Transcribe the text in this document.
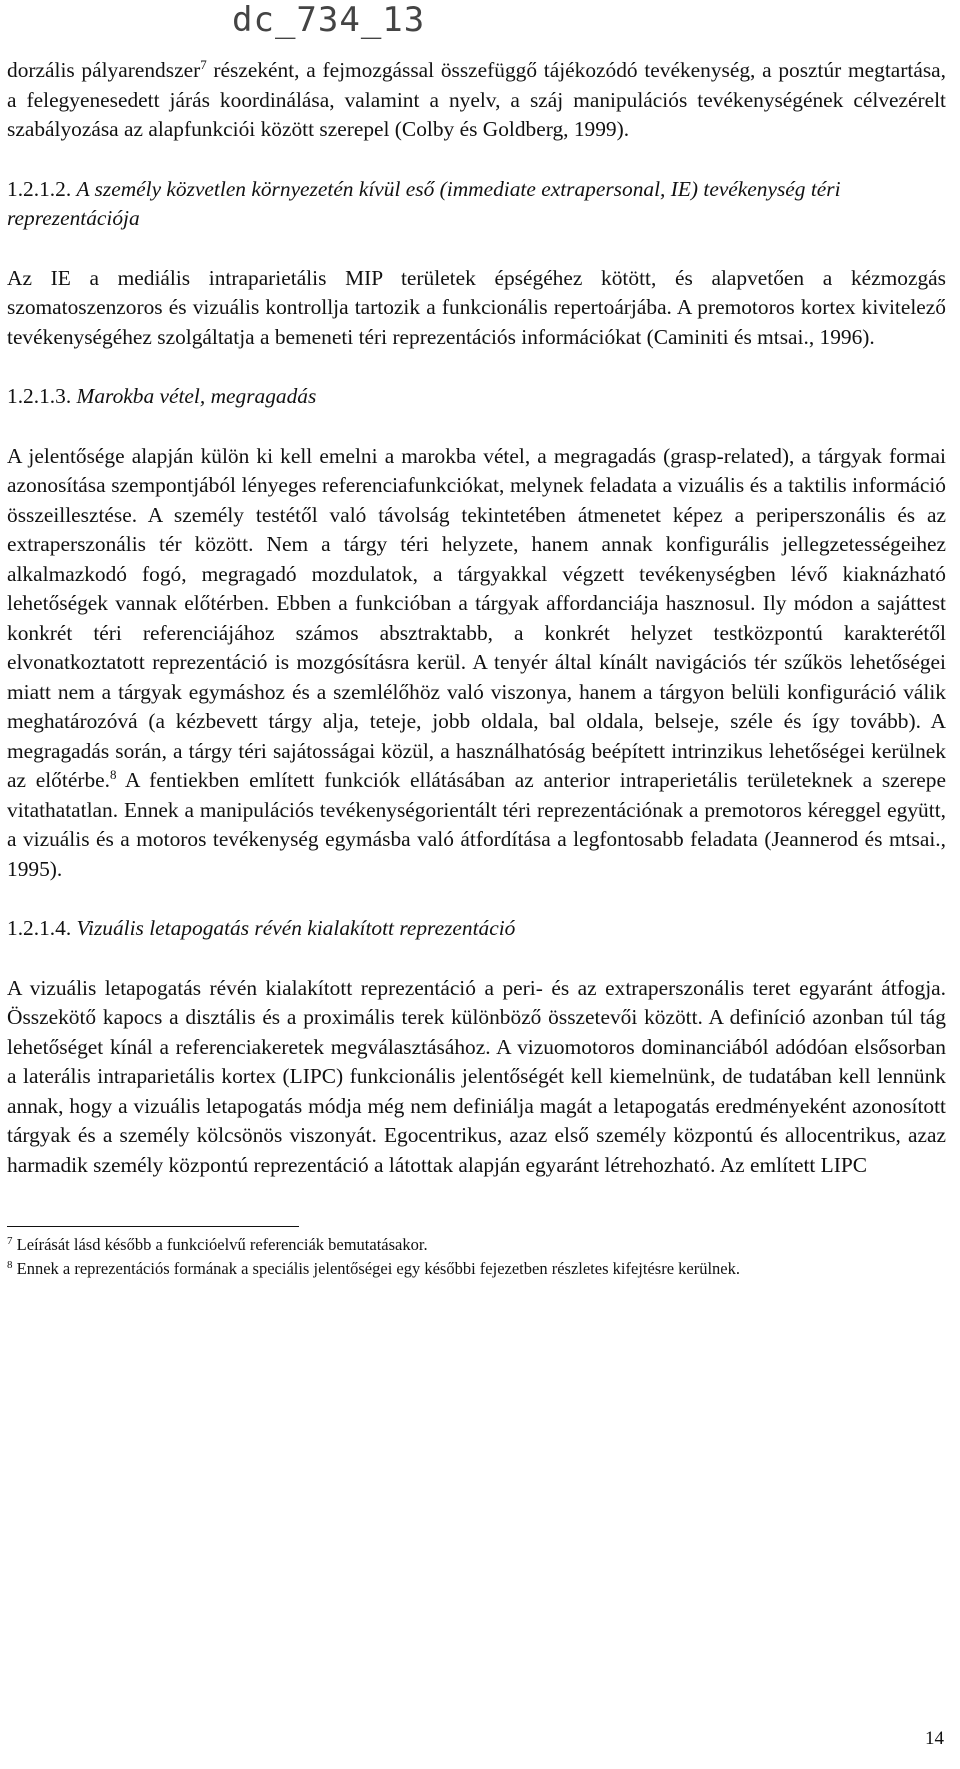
dc_734_13

dorzális pályarendszer$^7$ részeként, a fejmozgással összefüggő tájékozódó tevékenység, a posztúr megtartása, a felegyenesedett járás koordinálása, valamint a nyelv, a száj manipulációs tevékenységének célvezérelt szabályozása az alapfunkciói között szerepel (Colby és Goldberg, 1999).

1.2.1.2. A személy közvetlen környezetén kívül eső (immediate extrapersonal, IE) tevékenység téri reprezentációja

Az IE a mediális intraparietális MIP területek épségéhez kötött, és alapvetően a kézmozgás szomatoszenzoros és vizuális kontrollja tartozik a funkcionális repertoárjába. A premotoros kortex kivitelező tevékenységéhez szolgáltatja a bemeneti téri reprezentációs információkat (Caminiti és mtsai., 1996).

1.2.1.3. Marokba vétel, megragadás

A jelentősége alapján külön ki kell emelni a marokba vétel, a megragadás (grasp-related), a tárgyak formai azonosítása szempontjából lényeges referenciafunkciókat, melynek feladata a vizuális és a taktilis információ összeillesztése. A személy testétől való távolság tekintetében átmenetet képez a periperszonális és az extraperszonális tér között. Nem a tárgy téri helyzete, hanem annak konfigurális jellegzetességeihez alkalmazkodó fogó, megragadó mozdulatok, a tárgyakkal végzett tevékenységben lévő kiaknázható lehetőségek vannak előtérben. Ebben a funkcióban a tárgyak affordanciája hasznosul. Ily módon a sajáttest konkrét téri referenciájához számos absztraktabb, a konkrét helyzet testközpontú karakterétől elvonatkoztatott reprezentáció is mozgósításra kerül. A tenyér által kínált navigációs tér szűkös lehetőségei miatt nem a tárgyak egymáshoz és a szemlélőhöz való viszonya, hanem a tárgyon belüli konfiguráció válik meghatározóvá (a kézbevett tárgy alja, teteje, jobb oldala, bal oldala, belseje, széle és így tovább). A megragadás során, a tárgy téri sajátosságai közül, a használhatóság beépített intrinzikus lehetőségei kerülnek az előtérbe.$^8$ A fentiekben említett funkciók ellátásában az anterior intraperietális területeknek a szerepe vitathatatlan. Ennek a manipulációs tevékenységorientált téri reprezentációnak a premotoros kéreggel együtt, a vizuális és a motoros tevékenység egymásba való átfordítása a legfontosabb feladata (Jeannerod és mtsai., 1995).

1.2.1.4. Vizuális letapogatás révén kialakított reprezentáció

A vizuális letapogatás révén kialakított reprezentáció a peri- és az extraperszonális teret egyaránt átfogja. Összekötő kapocs a disztális és a proximális terek különböző összetevői között. A definíció azonban túl tág lehetőséget kínál a referenciakeretek megválasztásához. A vizuomotoros dominanciából adódóan elsősorban a laterális intraparietális kortex (LIPC) funkcionális jelentőségét kell kiemelnünk, de tudatában kell lennünk annak, hogy a vizuális letapogatás módja még nem definiálja magát a letapogatás eredményeként azonosított tárgyak és a személy kölcsönös viszonyát. Egocentrikus, azaz első személy központú és allocentrikus, azaz harmadik személy központú reprezentáció a látottak alapján egyaránt létrehozható. Az említett LIPC

$^7$ Leírását lásd később a funkcióelvű referenciák bemutatásakor.

$^8$ Ennek a reprezentációs formának a speciális jelentőségei egy későbbi fejezetben részletes kifejtésre kerülnek.

14
